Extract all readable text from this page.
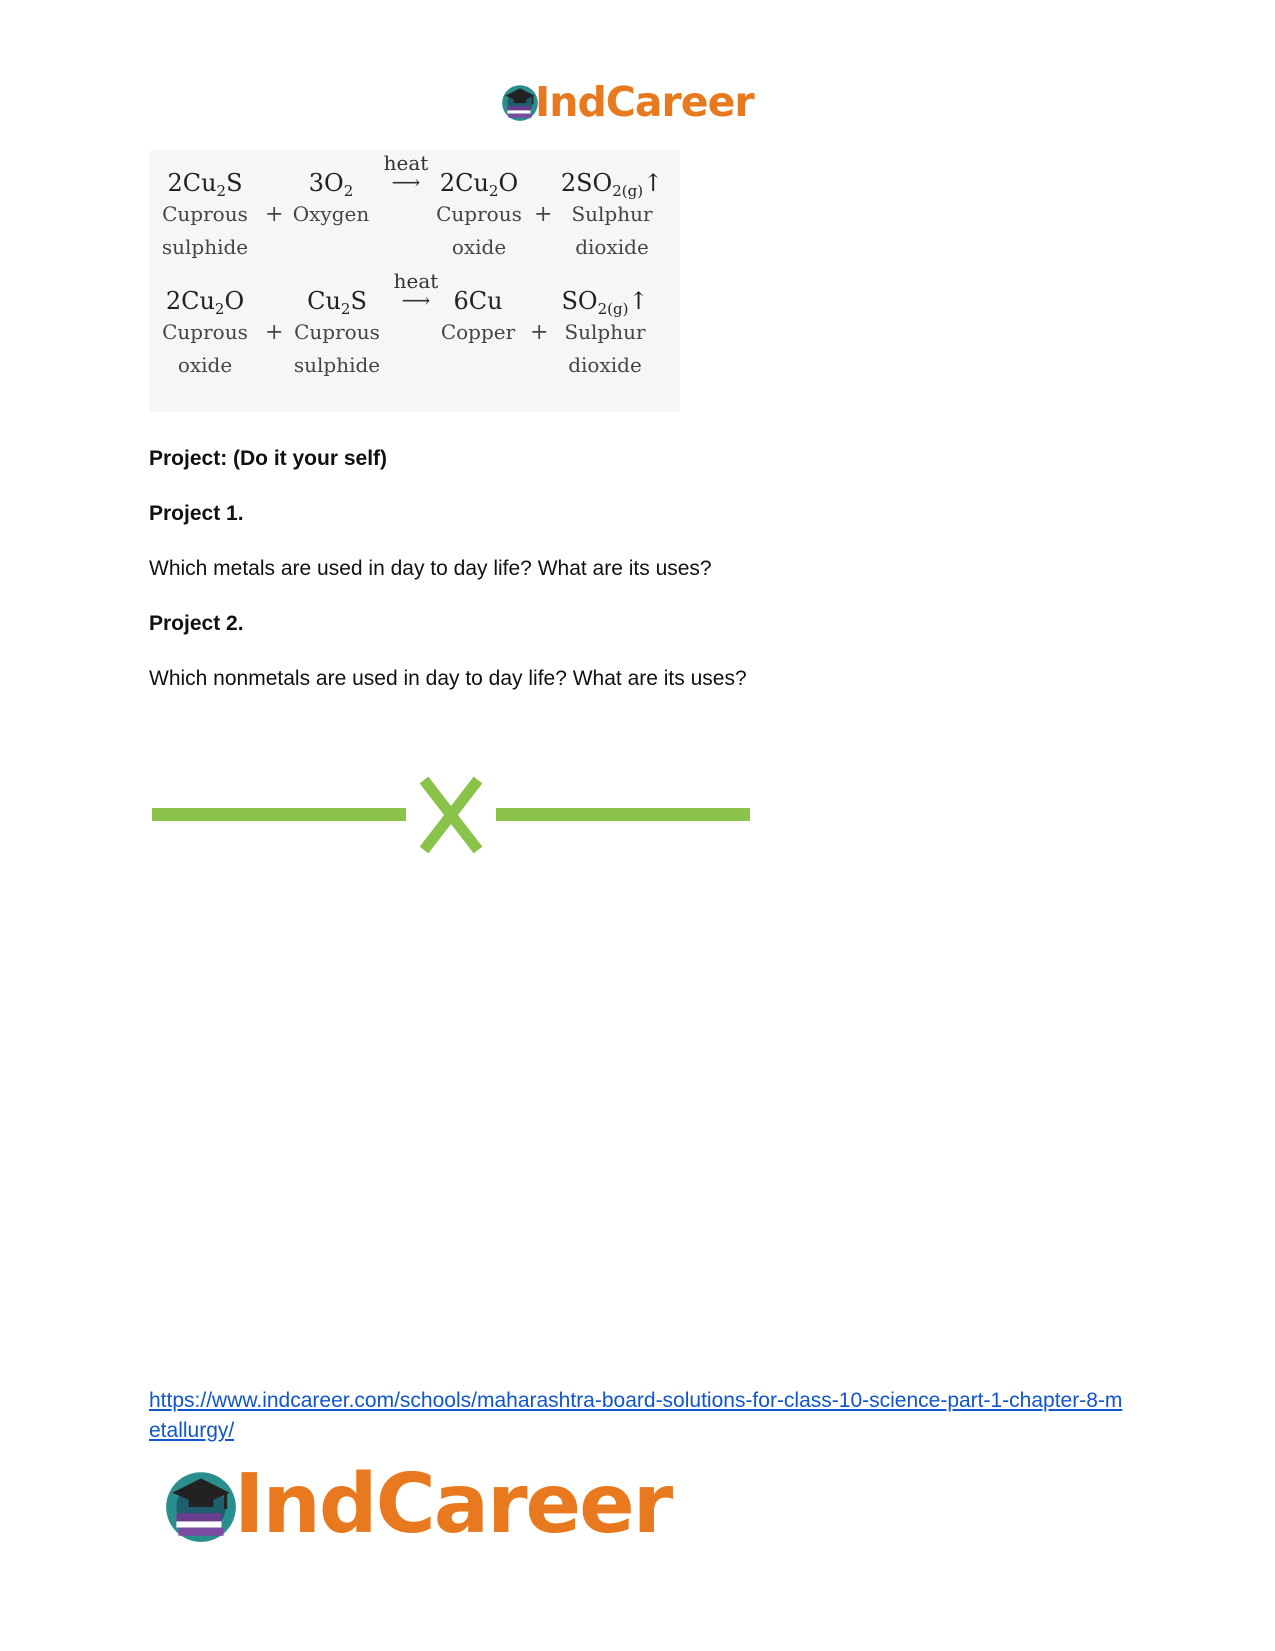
IndCareer
$2Cu_2S$
Cuprous
sulphide
+
$3O_2$
Oxygen
heat
⟶ $2Cu_2O$
Cuprous
oxide
+
$2SO_{2(g)}↑$
Sulphur
dioxide
$2Cu_2O$
Cuprous
oxide
+
$Cu_2S$
Cuprous
sulphide
heat
⟶ 6Cu
Copper +
$SO_{2(g)}↑$
Sulphur
dioxide
Project: (Do it your self)
Project 1.
Which metals are used in day to day life? What are its uses?
Project 2.
Which nonmetals are used in day to day life? What are its uses?
https://www.indcareer.com/schools/maharashtra-board-solutions-for-class-10-science-part-1-chapter-8-metallurgy/
IndCareer
